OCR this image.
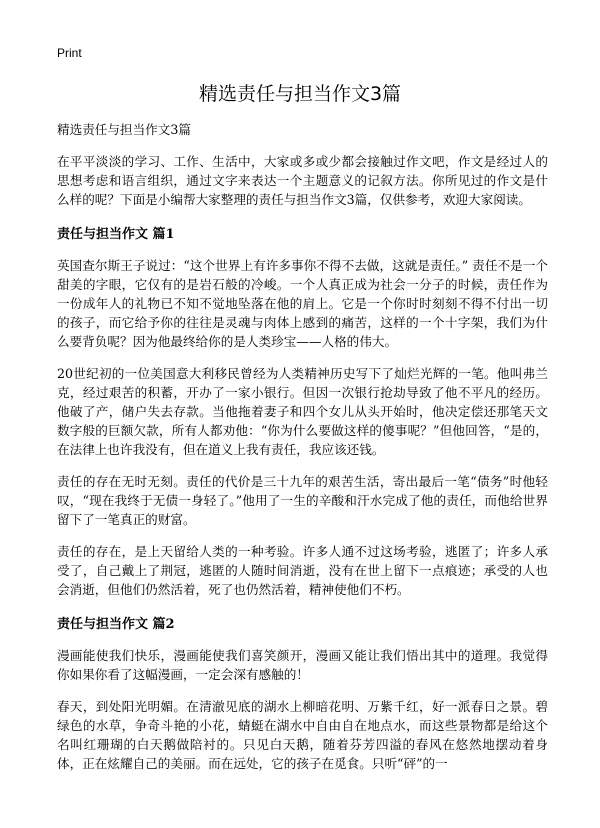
Print
精选责任与担当作文3篇
精选责任与担当作文3篇

在平平淡淡的学习、工作、生活中，大家或多或少都会接触过作文吧，作文是经过人的思想考虑和语言组织，通过文字来表达一个主题意义的记叙方法。你所见过的作文是什么样的呢？下面是小编帮大家整理的责任与担当作文3篇，仅供参考，欢迎大家阅读。

责任与担当作文 篇1

英国查尔斯王子说过：“这个世界上有许多事你不得不去做，这就是责任。” 责任不是一个甜美的字眼，它仅有的是岩石般的冷峻。一个人真正成为社会一分子的时候，责任作为一份成年人的礼物已不知不觉地坠落在他的肩上。它是一个你时时刻刻不得不付出一切的孩子，而它给予你的往往是灵魂与肉体上感到的痛苦，这样的一个十字架，我们为什么要背负呢？因为他最终给你的是人类珍宝——人格的伟大。

20世纪初的一位美国意大利移民曾经为人类精神历史写下了灿烂光辉的一笔。他叫弗兰克，经过艰苦的积蓄，开办了一家小银行。但因一次银行抢劫导致了他不平凡的经历。他破了产，储户失去存款。当他拖着妻子和四个女儿从头开始时，他决定偿还那笔天文数字般的巨额欠款，所有人都劝他：“你为什么要做这样的傻事呢？”但他回答，“是的，在法律上也许我没有，但在道义上我有责任，我应该还钱。

责任的存在无时无刻。责任的代价是三十九年的艰苦生活，寄出最后一笔“债务”时他轻叹，“现在我终于无债一身轻了。”他用了一生的辛酸和汗水完成了他的责任，而他给世界留下了一笔真正的财富。

责任的存在，是上天留给人类的一种考验。许多人通不过这场考验，逃匿了；许多人承受了，自己戴上了荆冠，逃匿的人随时间消逝，没有在世上留下一点痕迹；承受的人也会消逝，但他们仍然活着，死了也仍然活着，精神使他们不朽。

责任与担当作文 篇2

漫画能使我们快乐，漫画能使我们喜笑颜开，漫画又能让我们悟出其中的道理。我觉得你如果你看了这幅漫画，一定会深有感触的！

春天，到处阳光明媚。在清澈见底的湖水上柳暗花明、万紫千红，好一派春日之景。碧绿色的水草，争奇斗艳的小花，蜻蜓在湖水中自由自在地点水，而这些景物都是给这个名叫红珊瑚的白天鹅做陪衬的。只见白天鹅，随着芬芳四溢的春风在悠然地摆动着身体，正在炫耀自己的美丽。而在远处，它的孩子在觅食。只听“砰”的一
